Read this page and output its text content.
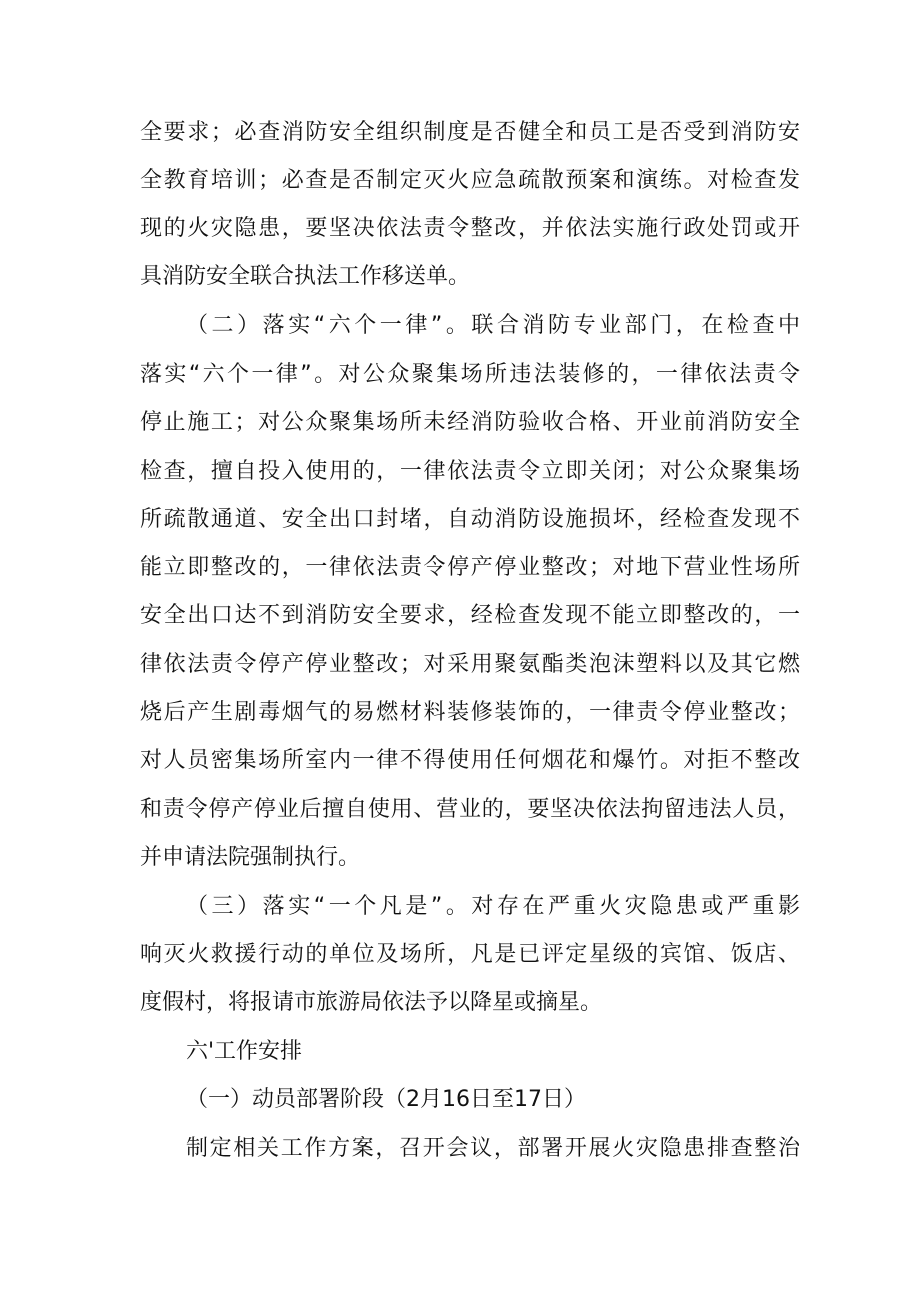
全要求；必查消防安全组织制度是否健全和员工是否受到消防安
全教育培训；必查是否制定灭火应急疏散预案和演练。对检查发
现的火灾隐患，要坚决依法责令整改，并依法实施行政处罚或开
具消防安全联合执法工作移送单。
（二）落实“六个一律”。联合消防专业部门，在检查中
落实“六个一律”。对公众聚集场所违法装修的，一律依法责令
停止施工；对公众聚集场所未经消防验收合格、开业前消防安全
检查，擅自投入使用的，一律依法责令立即关闭；对公众聚集场
所疏散通道、安全出口封堵，自动消防设施损坏，经检查发现不
能立即整改的，一律依法责令停产停业整改；对地下营业性场所
安全出口达不到消防安全要求，经检查发现不能立即整改的，一
律依法责令停产停业整改；对采用聚氨酯类泡沫塑料以及其它燃
烧后产生剧毒烟气的易燃材料装修装饰的，一律责令停业整改；
对人员密集场所室内一律不得使用任何烟花和爆竹。对拒不整改
和责令停产停业后擅自使用、营业的，要坚决依法拘留违法人员，
并申请法院强制执行。
（三）落实“一个凡是”。对存在严重火灾隐患或严重影
响灭火救援行动的单位及场所，凡是已评定星级的宾馆、饭店、
度假村，将报请市旅游局依法予以降星或摘星。
六'工作安排
（一）动员部署阶段（2月16日至17日）
制定相关工作方案，召开会议，部署开展火灾隐患排查整治
